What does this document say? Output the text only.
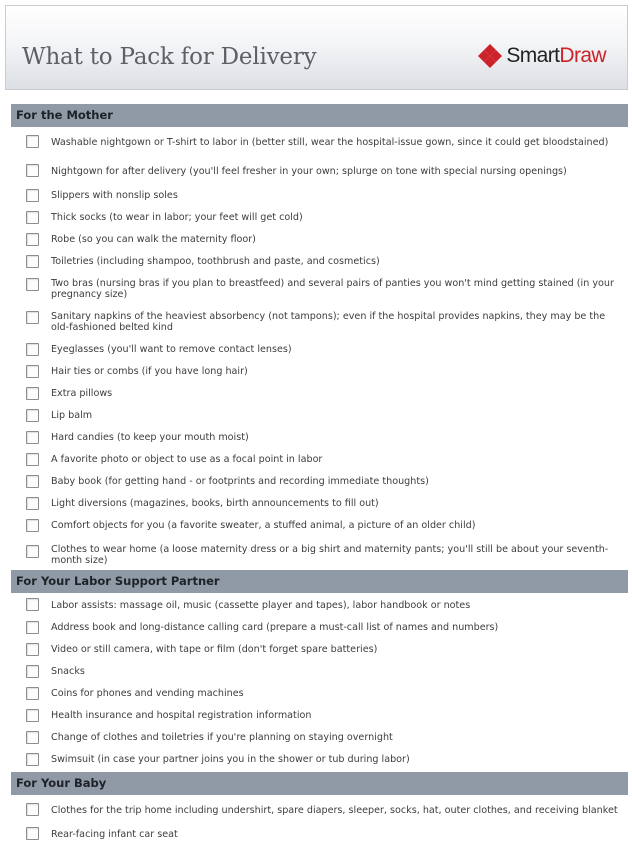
What to Pack for Delivery	SmartDraw
For the Mother
Washable nightgown or T-shirt to labor in (better still, wear the hospital-issue gown, since it could get bloodstained)
Nightgown for after delivery (you'll feel fresher in your own; splurge on tone with special nursing openings)
Slippers with nonslip soles
Thick socks (to wear in labor; your feet will get cold)
Robe (so you can walk the maternity floor)
Toiletries (including shampoo, toothbrush and paste, and cosmetics)
Two bras (nursing bras if you plan to breastfeed) and several pairs of panties you won't mind getting stained (in your pregnancy size)
Sanitary napkins of the heaviest absorbency (not tampons); even if the hospital provides napkins, they may be the old-fashioned belted kind
Eyeglasses (you'll want to remove contact lenses)
Hair ties or combs (if you have long hair)
Extra pillows
Lip balm
Hard candies (to keep your mouth moist)
A favorite photo or object to use as a focal point in labor
Baby book (for getting hand - or footprints and recording immediate thoughts)
Light diversions (magazines, books, birth announcements to fill out)
Comfort objects for you (a favorite sweater, a stuffed animal, a picture of an older child)
Clothes to wear home (a loose maternity dress or a big shirt and maternity pants; you'll still be about your seventh-month size)
For Your Labor Support Partner
Labor assists: massage oil, music (cassette player and tapes), labor handbook or notes
Address book and long-distance calling card (prepare a must-call list of names and numbers)
Video or still camera, with tape or film (don't forget spare batteries)
Snacks
Coins for phones and vending machines
Health insurance and hospital registration information
Change of clothes and toiletries if you're planning on staying overnight
Swimsuit (in case your partner joins you in the shower or tub during labor)
For Your Baby
Clothes for the trip home including undershirt, spare diapers, sleeper, socks, hat, outer clothes, and receiving blanket
Rear-facing infant car seat
